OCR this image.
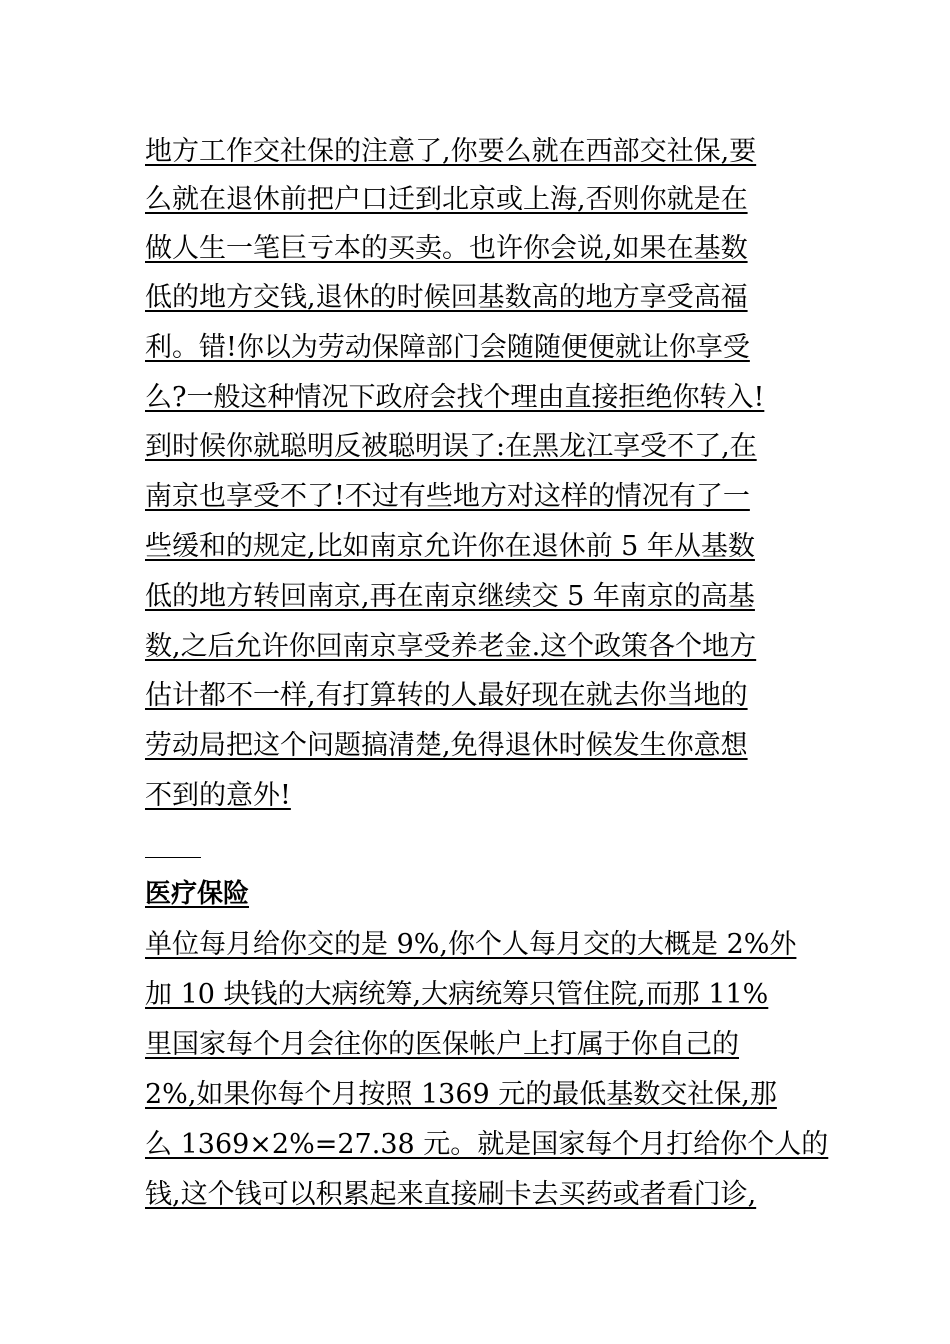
地方工作交社保的注意了,你要么就在西部交社保,要
么就在退休前把户口迁到北京或上海,否则你就是在
做人生一笔巨亏本的买卖。也许你会说,如果在基数
低的地方交钱,退休的时候回基数高的地方享受高福
利。错!你以为劳动保障部门会随随便便就让你享受
么?一般这种情况下政府会找个理由直接拒绝你转入!
到时候你就聪明反被聪明误了:在黑龙江享受不了,在
南京也享受不了!不过有些地方对这样的情况有了一
些缓和的规定,比如南京允许你在退休前 5 年从基数
低的地方转回南京,再在南京继续交 5 年南京的高基
数,之后允许你回南京享受养老金.这个政策各个地方
估计都不一样,有打算转的人最好现在就去你当地的
劳动局把这个问题搞清楚,免得退休时候发生你意想
不到的意外!
医疗保险
单位每月给你交的是 9%,你个人每月交的大概是 2%外
加 10 块钱的大病统筹,大病统筹只管住院,而那 11%
里国家每个月会往你的医保帐户上打属于你自己的
2%,如果你每个月按照 1369 元的最低基数交社保,那
么 1369×2%=27.38 元。就是国家每个月打给你个人的
钱,这个钱可以积累起来直接刷卡去买药或者看门诊,
